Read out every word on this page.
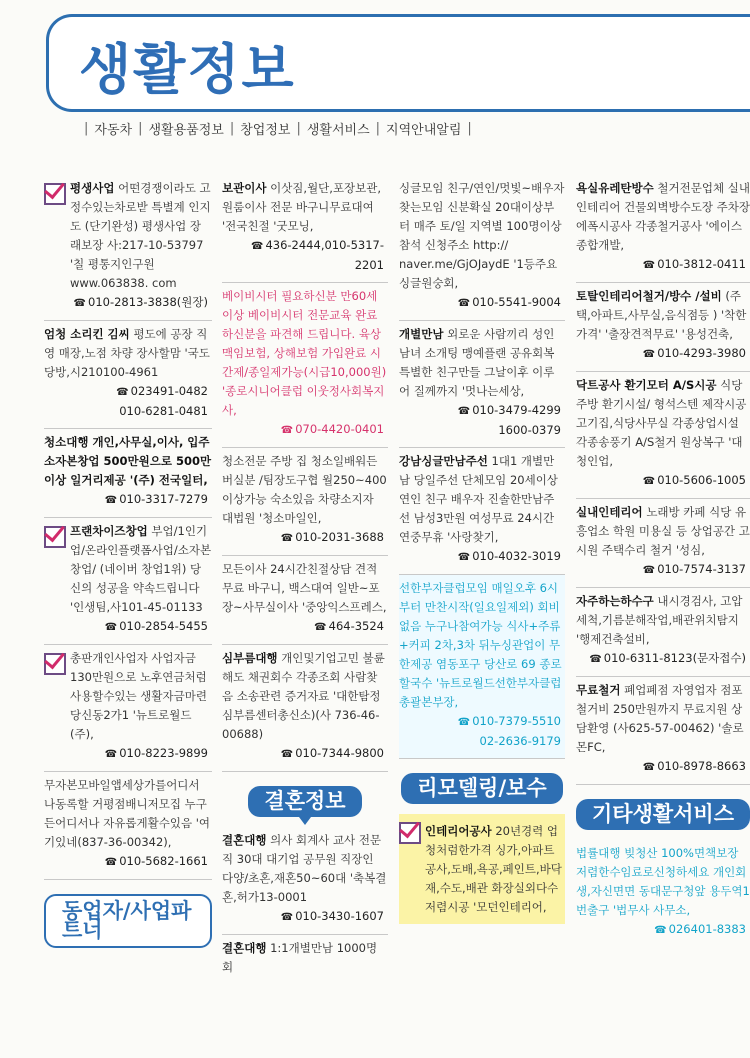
생활정보
| 자동차 | 생활용품정보 | 창업정보 | 생활서비스 | 지역안내알림 |

평생사업 어떤경쟁이라도 고정수있는차로받 특별계 인지도 (단기완성) 평생사업 장래보장 사:217-10-53797 '칠 평통지인구원www.063838. com

☎ 010-2813-3838(원장)

엄청 소리킨 김씨 평도에 공장 직영 매장,노점 차량 장사할맘 '국도당방,시210100-4961

☎ 023491-0482
010-6281-0481

청소대행 개인,사무실,이사, 입주 소자본창업 500만원으로 500만이상 일거리제공 '(주) 전국일터,

☎ 010-3317-7279

프랜차이즈창업 부업/1인기업/온라인플랫폼사업/소자본창업/ (네이버 창업1위) 당신의 성공을 약속드립니다 '인생팀,사101-45-01133

☎ 010-2854-5455

총판개인사업자 사업자금 130만원으로 노후연금처럼사용할수있는 생활자금마련 당신동2가1 '뉴트로월드(주),

☎ 010-8223-9899

무자본모바일앱세상가를어디서 나동록할 거평점배니저모집 누구든어디서나 자유롭게활수있음 '여기있네(837-36-00342),

☎ 010-5682-1661

동업자/사업파트너

보관이사 이삿짐,월단,포장보관, 원룸이사 전문 바구니무료대여 '전국친절 '굿모닝,

☎ 436-2444,010-5317-2201

베이비시터 필요하신분 만60세 이상 베이비시터 전문교육 완료 하신분을 파견해 드립니다. 육상 맥임보험, 상해보험 가입완료 시간제/종일제가능(시급10,000원) '종로시니어클럽 이웃정사회복지사,

☎ 070-4420-0401

청소전문 주방 집 청소일배워든 버실분 /팀장도구협 월250~400 이상가능 숙소있음 차량소지자 대법원 '청소마일인,

☎ 010-2031-3688

모든이사 24시간친절상담 견적무료 바구니, 백스대여 일반~포장~사무실이사 '중앙익스프레스,

☎ 464-3524

심부름대행 개인및기업고민 불륜해도 채권회수 각종조회 사람찾음 소송관련 증거자료 '대한탐정심부름센터총신소)(사 736-46-00688)

☎ 010-7344-9800

결혼정보

결혼대행 의사 회계사 교사 전문직 30대 대기업 공무원 직장인 다양/초혼,재혼50~60대 '축복결혼,허가13-0001

☎ 010-3430-1607

결혼대행 1:1개별만남 1000명회

싱글모임 친구/연인/멋빛~배우자 찾는모임 신분확실 20대이상부터 매주 토/일 지역별 100명이상 참석 신청주소 http:// naver.me/GjOJaydE '1등주요 싱글원숭회,

☎ 010-5541-9004

개별만남 외로운 사람끼리 성인남녀 소개팅 맹예플랜 공유회복 특별한 친구만들 그날이후 이루어 질께까지 '멋나는세상,

☎ 010-3479-4299
1600-0379

강남싱글만남주선 1대1 개별만남 당일주선 단체모임 20세이상 연인 친구 배우자 진솔한만남주선 남성3만원 여성무료 24시간 연중무휴 '사랑찾기,

☎ 010-4032-3019

선한부자클럽모임 매일오후 6시부터 만찬시작(일요일제외) 회비없음 누구나참여가능 식사+주류+커피 2차,3차 뒤누싱관업이 무한제공 염동포구 당산로 69 종로할국수 '뉴트로월드선한부자클럽 총괄본부장,

☎ 010-7379-5510
02-2636-9179

리모델링/보수

인테리어공사 20년경력 업청처럼한가격 싱가,아파트공사,도배,욕공,페인트,바닥재,수도,배관 화장실외다수 저렴시공 '모던인테리어,

욕실유레탄방수 철거전문업체 실내인테리어 건물외벽방수도장 주차장에폭시공사 각종철거공사 '에이스종합개발,

☎ 010-3812-0411

토탈인테리어철거/방수 /설비 (주택,아파트,사무실,음식점등 ) '착한가격' '출장견적무료' '용성건축,

☎ 010-4293-3980

닥트공사 환기모터 A/S시공 식당주방 환기시설/ 형석스텐 제작시공 고기집,식당사무실 각종상업시설 각종송풍기 A/S철거 원상복구 '대청인업,

☎ 010-5606-1005

실내인테리어 노래방 카페 식당 유흥업소 학원 미용실 등 상업공간 고시원 주택수리 철거 '성심,

☎ 010-7574-3137

자주하는하수구 내시경검사, 고압세척,기름분해작업,배관위치탐지 '행제건축설비,

☎ 010-6311-8123(문자접수)

무료철거 폐업폐점 자영업자 점포철거비 250만원까지 무료지원 상담환영 (사625-57-00462) '솔로몬FC,

☎ 010-8978-8663

기타생활서비스

법률대행 빚청산 100%면책보장 저렴한수임료로신청하세요 개인회생,자신면면 동대문구청앞 용두역1번출구 '법무사 사무소,

☎ 026401-8383
